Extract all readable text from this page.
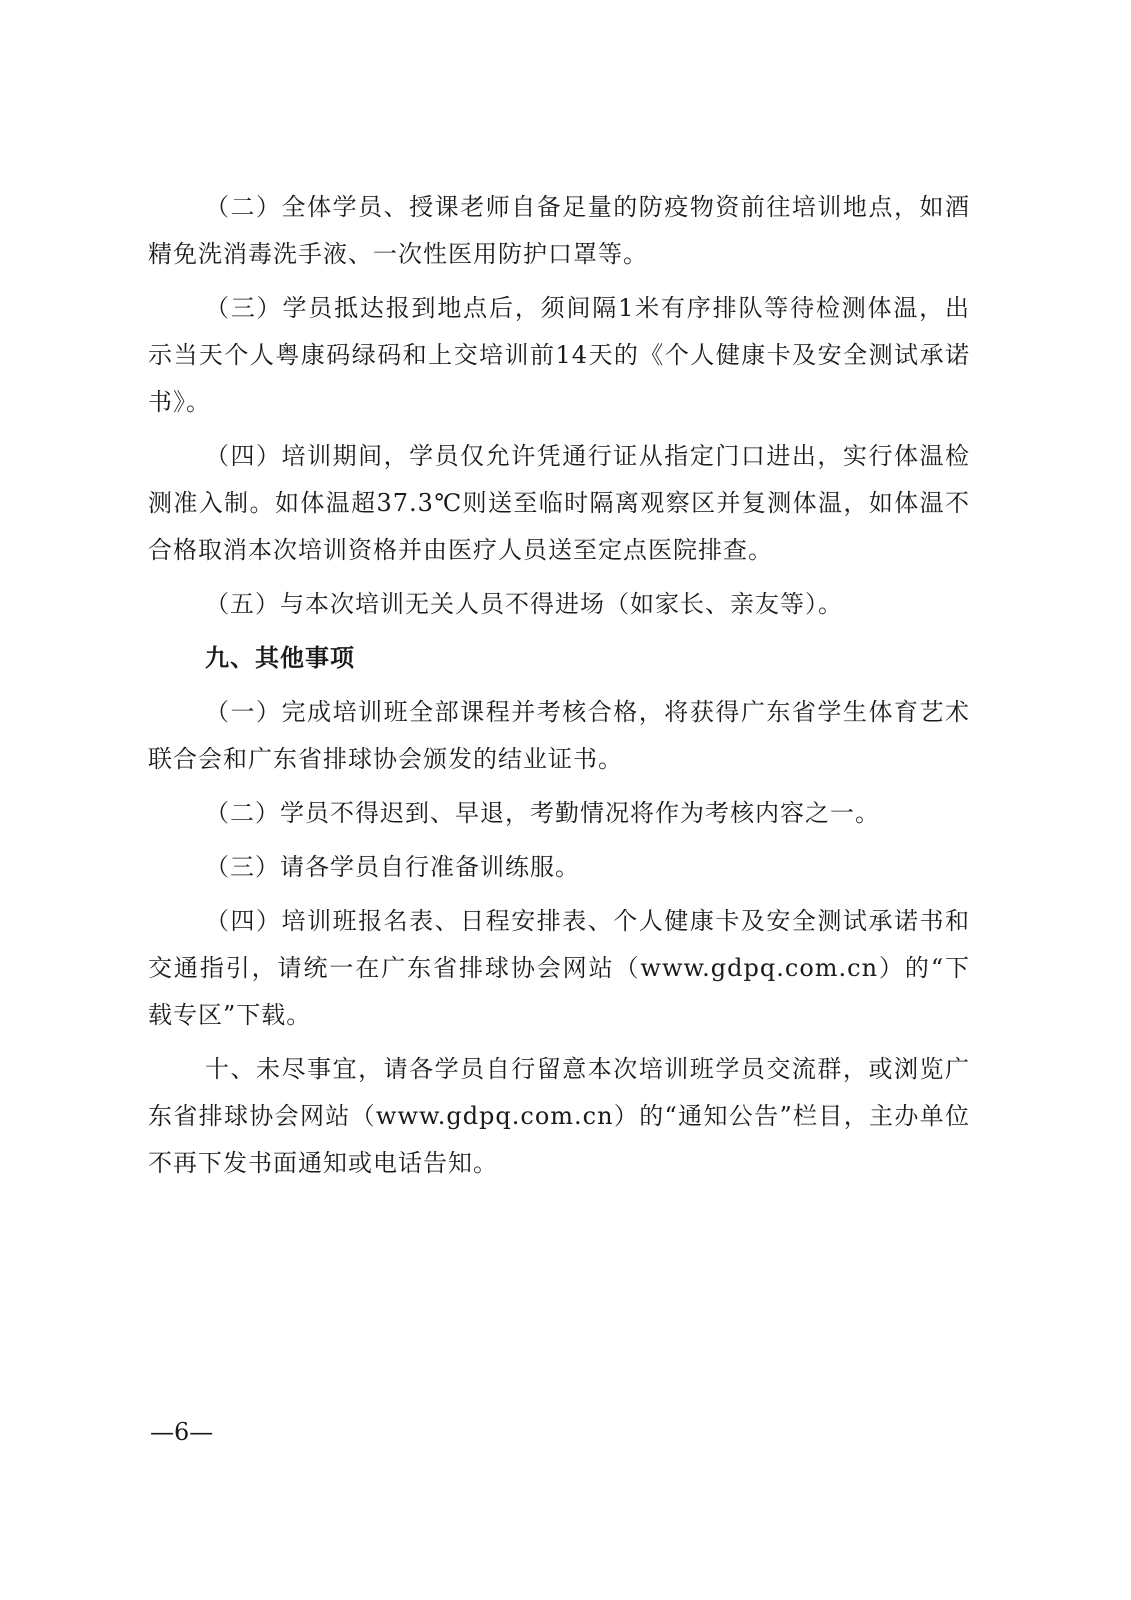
（二）全体学员、授课老师自备足量的防疫物资前往培训地点，如酒精免洗消毒洗手液、一次性医用防护口罩等。

（三）学员抵达报到地点后，须间隔1米有序排队等待检测体温，出示当天个人粤康码绿码和上交培训前14天的《个人健康卡及安全测试承诺书》。

（四）培训期间，学员仅允许凭通行证从指定门口进出，实行体温检测准入制。如体温超37.3℃则送至临时隔离观察区并复测体温，如体温不合格取消本次培训资格并由医疗人员送至定点医院排查。

（五）与本次培训无关人员不得进场（如家长、亲友等）。

九、其他事项

（一）完成培训班全部课程并考核合格，将获得广东省学生体育艺术联合会和广东省排球协会颁发的结业证书。

（二）学员不得迟到、早退，考勤情况将作为考核内容之一。

（三）请各学员自行准备训练服。

（四）培训班报名表、日程安排表、个人健康卡及安全测试承诺书和交通指引，请统一在广东省排球协会网站（www.gdpq.com.cn）的“下载专区”下载。

十、未尽事宜，请各学员自行留意本次培训班学员交流群，或浏览广东省排球协会网站（www.gdpq.com.cn）的“通知公告”栏目，主办单位不再下发书面通知或电话告知。

—6—
